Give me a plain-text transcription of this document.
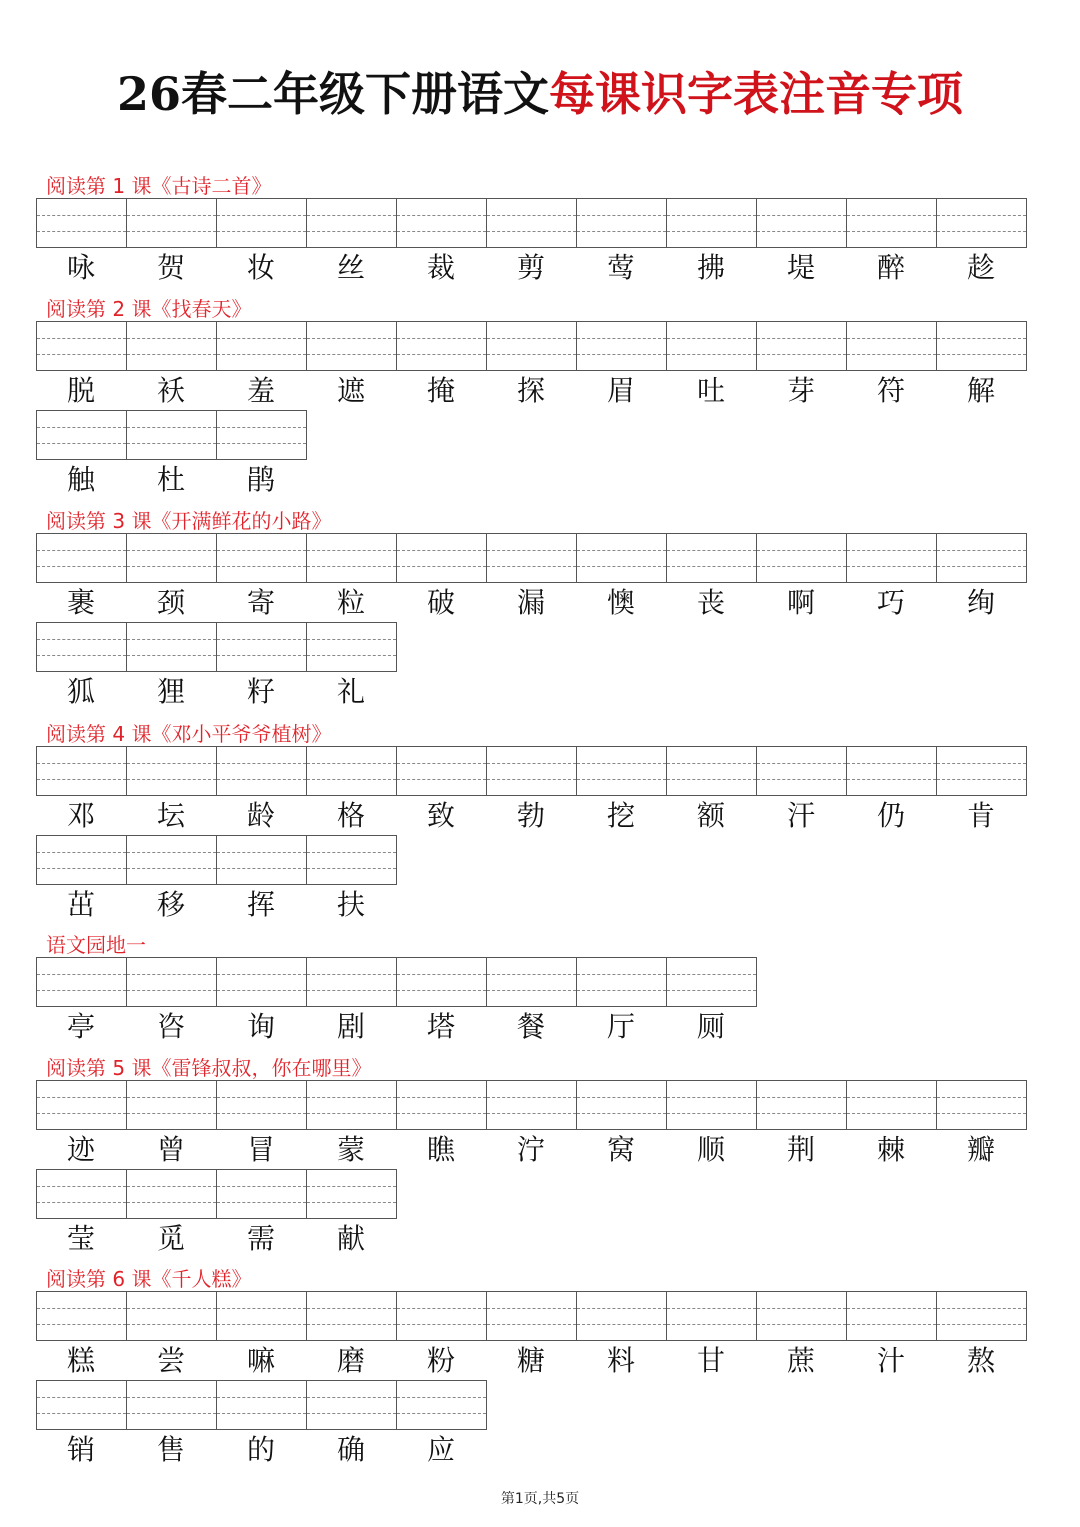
26春二年级下册语文每课识字表注音专项
阅读第 1 课《古诗二首》
咏	贺	妆	丝	裁	剪	莺	拂	堤	醉	趁
阅读第 2 课《找春天》
脱	袄	羞	遮	掩	探	眉	吐	芽	符	解
触	杜	鹃
阅读第 3 课《开满鲜花的小路》
裹	颈	寄	粒	破	漏	懊	丧	啊	巧	绚
狐	狸	籽	礼
阅读第 4 课《邓小平爷爷植树》
邓	坛	龄	格	致	勃	挖	额	汗	仍	肯
茁	移	挥	扶
语文园地一
亭	咨	询	剧	塔	餐	厅	厕
阅读第 5 课《雷锋叔叔，你在哪里》
迹	曾	冒	蒙	瞧	泞	窝	顺	荆	棘	瓣
莹	觅	需	献
阅读第 6 课《千人糕》
糕	尝	嘛	磨	粉	糖	料	甘	蔗	汁	熬
销	售	的	确	应
第1页,共5页
